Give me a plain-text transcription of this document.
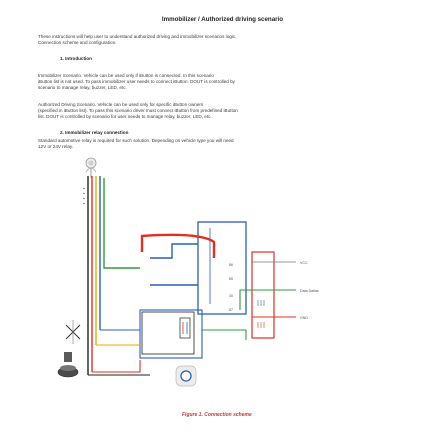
Immobilizer / Authorized driving scenario
These instructions will help user to understand authorized driving and immobilizer scenarios logic,
Connection scheme and configuration.
1. Introduction
Immobilizer Scenario. Vehicle can be used only if iButton is connected. In this scenario
iButton list is not used. To pass immobilizer user needs to connect iButton. DOUT is controlled by
scenario to manage relay, buzzer, LED, etc.
Authorized Driving Scenario. Vehicle can be used only for specific iButton owners
(specified in iButton list). To pass this scenario driver must connect iButton from predefined iButton
list. DOUT is controlled by scenario for user needs to manage relay, buzzer, LED, etc.
2. Immobilizer relay connection
Standard automotive relay is required for such solution. Depending on vehicle type you will need
12V or 24V relay.
86
85
30
87
VCC
Data Dallas
GND
Figure 1. Connection scheme
